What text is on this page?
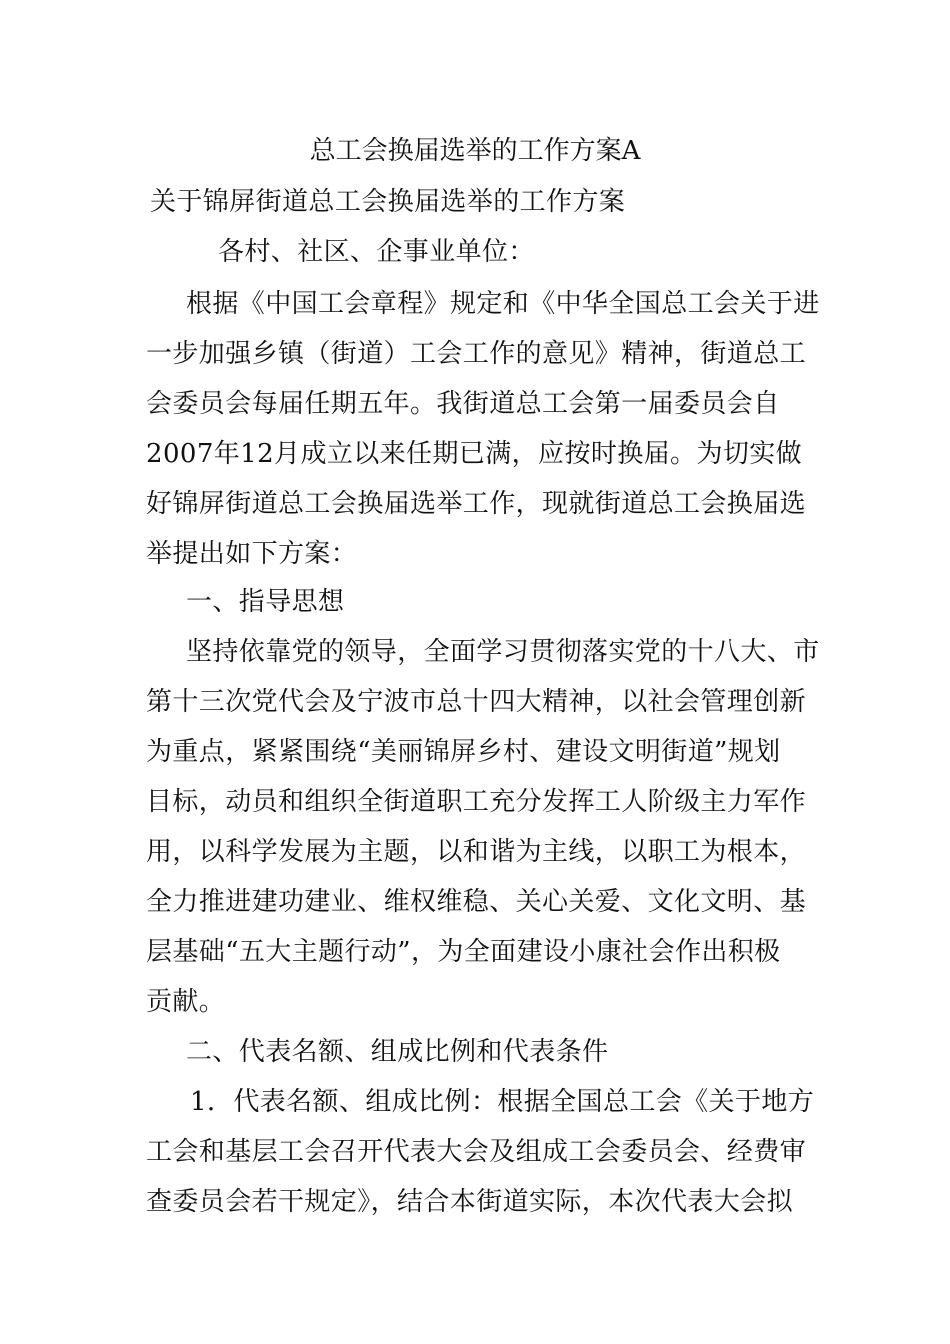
总工会换届选举的工作方案A
关于锦屏街道总工会换届选举的工作方案
各村、社区、企事业单位：
根据《中国工会章程》规定和《中华全国总工会关于进
一步加强乡镇（街道）工会工作的意见》精神，街道总工
会委员会每届任期五年。我街道总工会第一届委员会自
2007年12月成立以来任期已满，应按时换届。为切实做
好锦屏街道总工会换届选举工作，现就街道总工会换届选
举提出如下方案：
一、指导思想
坚持依靠党的领导，全面学习贯彻落实党的十八大、市
第十三次党代会及宁波市总十四大精神，以社会管理创新
为重点，紧紧围绕“美丽锦屏乡村、建设文明街道”规划
目标，动员和组织全街道职工充分发挥工人阶级主力军作
用，以科学发展为主题，以和谐为主线，以职工为根本，
全力推进建功建业、维权维稳、关心关爱、文化文明、基
层基础“五大主题行动”，为全面建设小康社会作出积极
贡献。
二、代表名额、组成比例和代表条件
1．代表名额、组成比例：根据全国总工会《关于地方
工会和基层工会召开代表大会及组成工会委员会、经费审
查委员会若干规定》，结合本街道实际，本次代表大会拟
